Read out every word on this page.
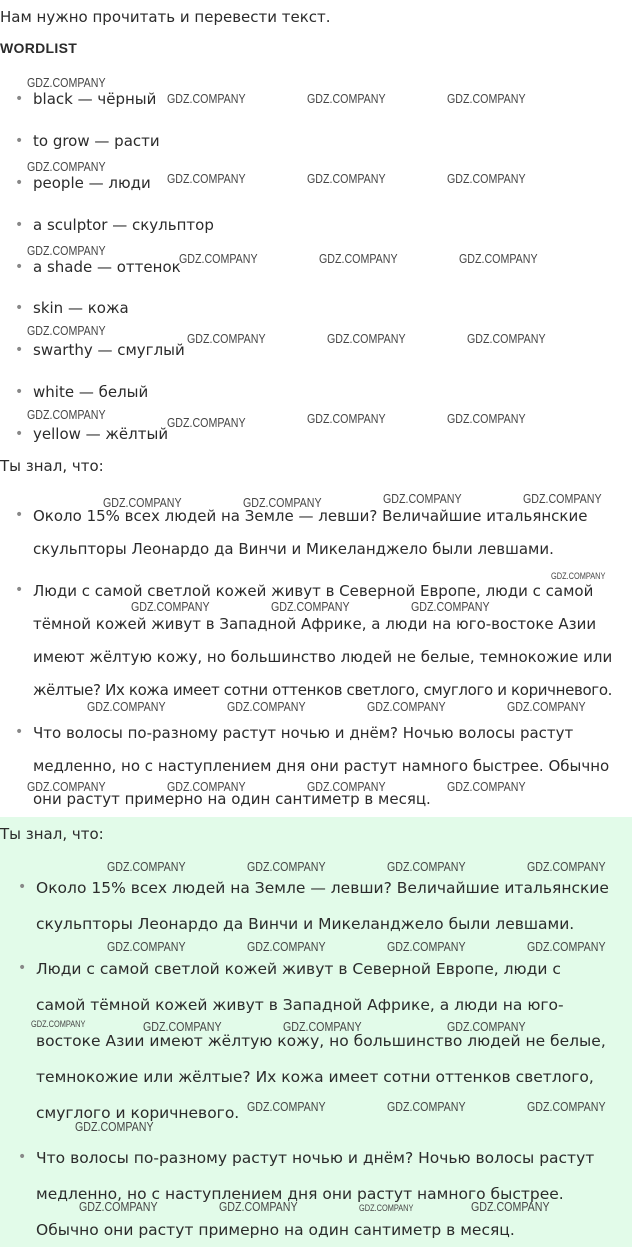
Нам нужно прочитать и перевести текст.
WORDLIST
• black — чёрный
• to grow — расти
• people — люди
• a sculptor — скульптор
• a shade — оттенок
• skin — кожа
• swarthy — смуглый
• white — белый
• yellow — жёлтый
Ты знал, что:
• Около 15% всех людей на Земле — левши? Величайшие итальянские
скульпторы Леонардо да Винчи и Микеланджело были левшами.
• Люди с самой светлой кожей живут в Северной Европе, люди с самой
тёмной кожей живут в Западной Африке, а люди на юго-востоке Азии
имеют жёлтую кожу, но большинство людей не белые, темнокожие или
жёлтые? Их кожа имеет сотни оттенков светлого, смуглого и коричневого.
• Что волосы по-разному растут ночью и днём? Ночью волосы растут
медленно, но с наступлением дня они растут намного быстрее. Обычно
они растут примерно на один сантиметр в месяц.
Ты знал, что:
• Около 15% всех людей на Земле — левши? Величайшие итальянские
скульпторы Леонардо да Винчи и Микеланджело были левшами.
• Люди с самой светлой кожей живут в Северной Европе, люди с
самой тёмной кожей живут в Западной Африке, а люди на юго-
востоке Азии имеют жёлтую кожу, но большинство людей не белые,
темнокожие или жёлтые? Их кожа имеет сотни оттенков светлого,
смуглого и коричневого.
• Что волосы по-разному растут ночью и днём? Ночью волосы растут
медленно, но с наступлением дня они растут намного быстрее.
Обычно они растут примерно на один сантиметр в месяц.
GDZ.COMPANY
GDZ.COMPANY	GDZ.COMPANY	GDZ.COMPANY
GDZ.COMPANY
GDZ.COMPANY	GDZ.COMPANY	GDZ.COMPANY
GDZ.COMPANY
GDZ.COMPANY	GDZ.COMPANY	GDZ.COMPANY
GDZ.COMPANY
GDZ.COMPANY	GDZ.COMPANY	GDZ.COMPANY
GDZ.COMPANY
GDZ.COMPANY	GDZ.COMPANY	GDZ.COMPANY
GDZ.COMPANY	GDZ.COMPANY	GDZ.COMPANY	GDZ.COMPANY
GDZ.COMPANY
GDZ.COMPANY	GDZ.COMPANY	GDZ.COMPANY
GDZ.COMPANY	GDZ.COMPANY	GDZ.COMPANY	GDZ.COMPANY
GDZ.COMPANY	GDZ.COMPANY	GDZ.COMPANY	GDZ.COMPANY
GDZ.COMPANY	GDZ.COMPANY	GDZ.COMPANY	GDZ.COMPANY
GDZ.COMPANY	GDZ.COMPANY	GDZ.COMPANY	GDZ.COMPANY
GDZ.COMPANY	GDZ.COMPANY	GDZ.COMPANY	GDZ.COMPANY
GDZ.COMPANY	GDZ.COMPANY	GDZ.COMPANY
GDZ.COMPANY
GDZ.COMPANY	GDZ.COMPANY	GDZ.COMPANY	GDZ.COMPANY
